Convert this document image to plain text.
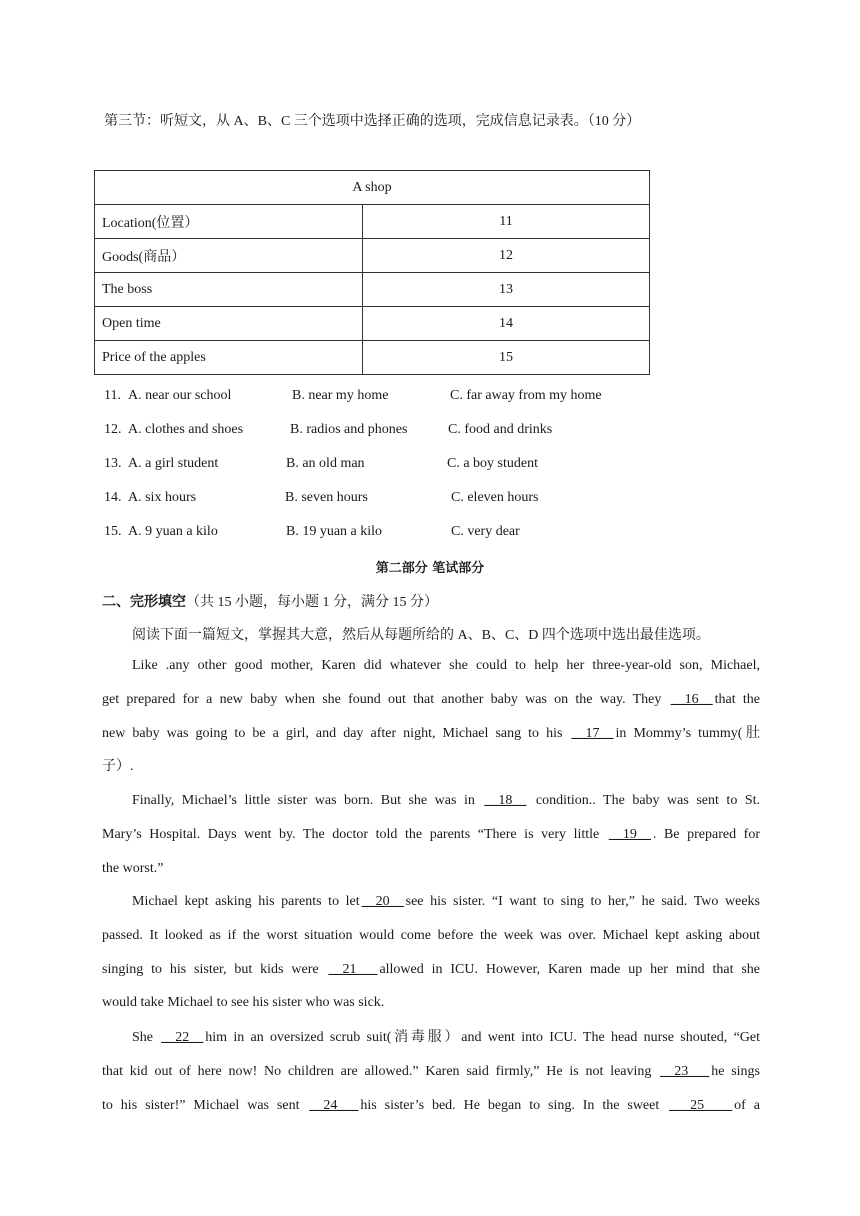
第三节：听短文，从 A、B、C 三个选项中选择正确的选项，完成信息记录表。（10 分）
A shop	
Location(位置）	11
Goods(商品）	12
The boss	13
Open time	14
Price of the apples	15
11. A. near our school	B. near my home	C. far away from my home
12. A. clothes and shoes	B. radios and phones	C. food and drinks
13. A. a girl student	B. an old man	C. a boy student
14. A. six hours	B. seven hours	C. eleven hours
15. A. 9 yuan a kilo	B. 19 yuan a kilo	C. very dear
第二部分 笔试部分
二、完形填空（共 15 小题，每小题 1 分，满分 15 分）
阅读下面一篇短文，掌握其大意，然后从每题所给的 A、B、C、D 四个选项中选出最佳选项。
Like .any other good mother, Karen did whatever she could to help her three-year-old son, Michael,
get prepared for a new baby when she found out that another baby was on the way. They __16__ that the
new baby was going to be a girl, and day after night, Michael sang to his __17__ in Mommy’s tummy(肚
子）.
Finally, Michael’s little sister was born. But she was in __18__ condition.. The baby was sent to St.
Mary’s Hospital. Days went by. The doctor told the parents “There is very little __19__ . Be prepared for
the worst.”
Michael kept asking his parents to let __20__ see his sister. “I want to sing to her,” he said. Two weeks
passed. It looked as if the worst situation would come before the week was over. Michael kept asking about
singing to his sister, but kids were __21___ allowed in ICU. However, Karen made up her mind that she
would take Michael to see his sister who was sick.
She __22__ him in an oversized scrub suit(消毒服）and went into ICU. The head nurse shouted, “Get
that kid out of here now! No children are allowed.” Karen said firmly,” He is not leaving __23___ he sings
to his sister!” Michael was sent __24___ his sister’s bed. He began to sing. In the sweet ___25____ of a
